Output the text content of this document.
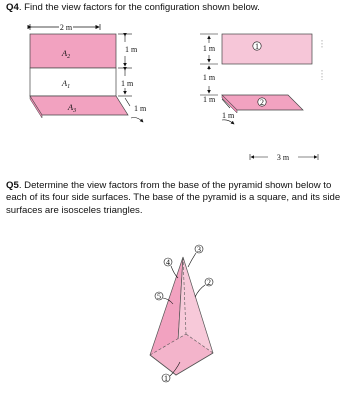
Q4. Find the view factors for the configuration shown below.
Q5. Determine the view factors from the base of the pyramid shown below to each of its four side surfaces. The base of the pyramid is a square, and its side surfaces are isosceles triangles.
2 m
$A_2$
$A_1$
$A_3$
1 m
1 m
1 m
1
1 m
1 m
1 m	2
1 m
3 m
3
4
2
5
1
